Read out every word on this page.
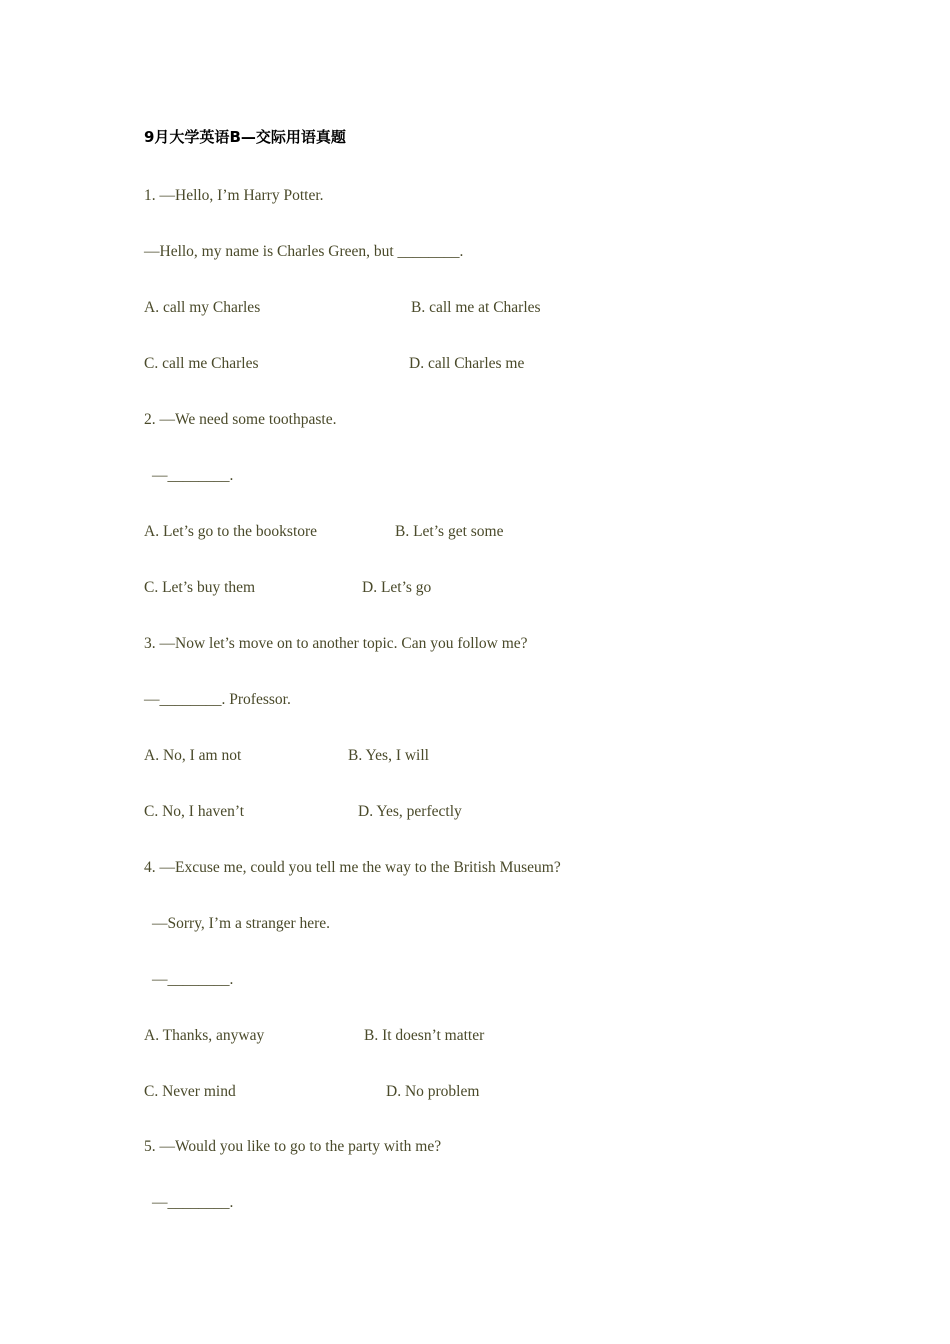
9月大学英语B—交际用语真题
1. —Hello, I’m Harry Potter.
—Hello, my name is Charles Green, but ________.
A. call my Charles	B. call me at Charles
C. call me Charles	D. call Charles me
2. —We need some toothpaste.
—________.
A. Let’s go to the bookstore	B. Let’s get some
C. Let’s buy them	D. Let’s go
3. —Now let’s move on to another topic. Can you follow me?
—________. Professor.
A. No, I am not	B. Yes, I will
C. No, I haven’t	D. Yes, perfectly
4. —Excuse me, could you tell me the way to the British Museum?
—Sorry, I’m a stranger here.
—________.
A. Thanks, anyway	B. It doesn’t matter
C. Never mind	D. No problem
5. —Would you like to go to the party with me?
—________.
